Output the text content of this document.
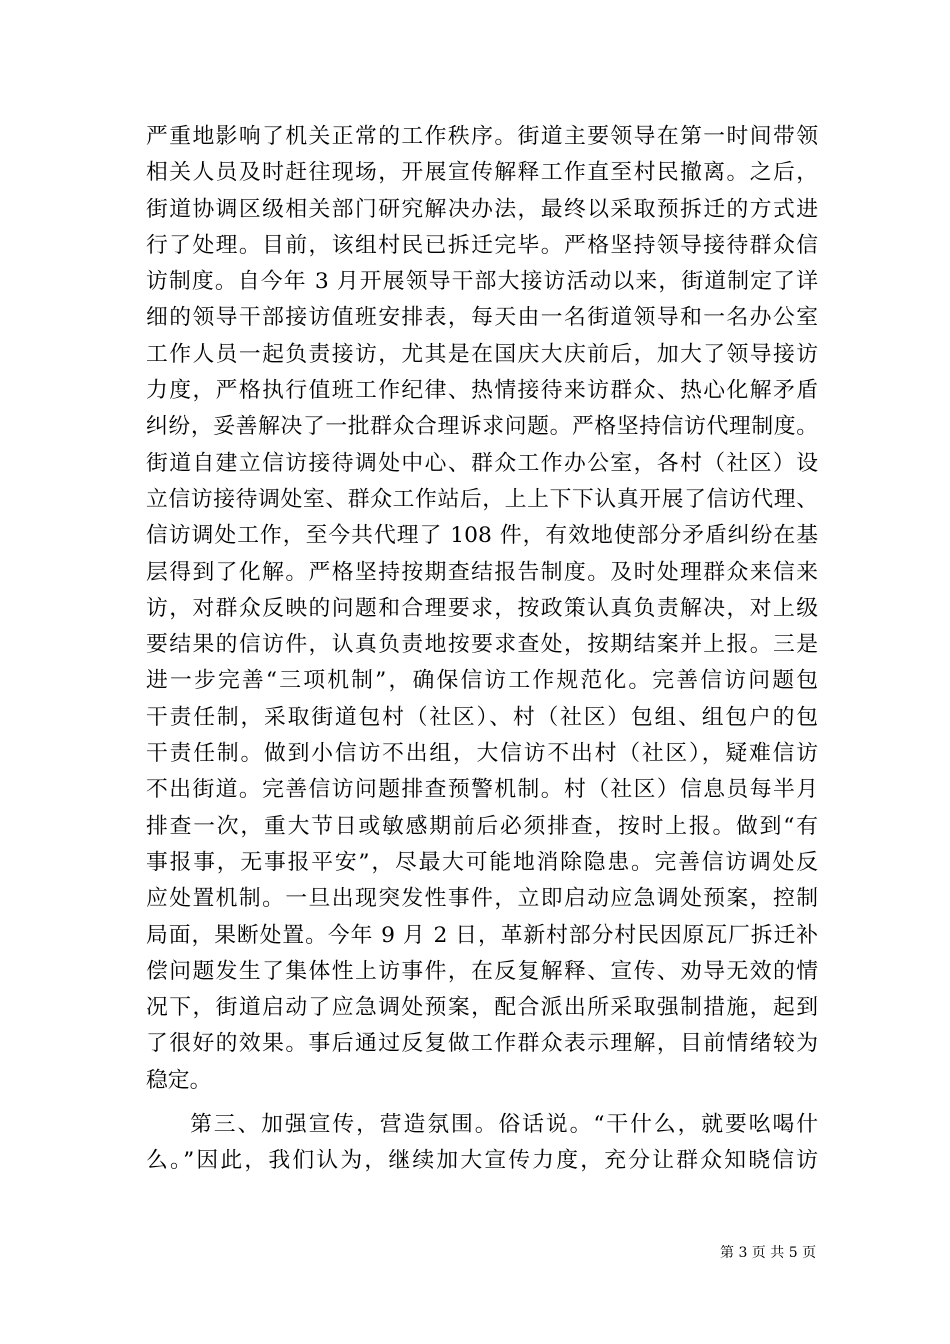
严重地影响了机关正常的工作秩序。街道主要领导在第一时间带领
相关人员及时赶往现场，开展宣传解释工作直至村民撤离。之后，
街道协调区级相关部门研究解决办法，最终以采取预拆迁的方式进
行了处理。目前，该组村民已拆迁完毕。严格坚持领导接待群众信
访制度。自今年 3 月开展领导干部大接访活动以来，街道制定了详
细的领导干部接访值班安排表，每天由一名街道领导和一名办公室
工作人员一起负责接访，尤其是在国庆大庆前后，加大了领导接访
力度，严格执行值班工作纪律、热情接待来访群众、热心化解矛盾
纠纷，妥善解决了一批群众合理诉求问题。严格坚持信访代理制度。
街道自建立信访接待调处中心、群众工作办公室，各村（社区）设
立信访接待调处室、群众工作站后，上上下下认真开展了信访代理、
信访调处工作，至今共代理了 108 件，有效地使部分矛盾纠纷在基
层得到了化解。严格坚持按期查结报告制度。及时处理群众来信来
访，对群众反映的问题和合理要求，按政策认真负责解决，对上级
要结果的信访件，认真负责地按要求查处，按期结案并上报。三是
进一步完善“三项机制”，确保信访工作规范化。完善信访问题包
干责任制，采取街道包村（社区）、村（社区）包组、组包户的包
干责任制。做到小信访不出组，大信访不出村（社区），疑难信访
不出街道。完善信访问题排查预警机制。村（社区）信息员每半月
排查一次，重大节日或敏感期前后必须排查，按时上报。做到“有
事报事，无事报平安”，尽最大可能地消除隐患。完善信访调处反
应处置机制。一旦出现突发性事件，立即启动应急调处预案，控制
局面，果断处置。今年 9 月 2 日，革新村部分村民因原瓦厂拆迁补
偿问题发生了集体性上访事件，在反复解释、宣传、劝导无效的情
况下，街道启动了应急调处预案，配合派出所采取强制措施，起到
了很好的效果。事后通过反复做工作群众表示理解，目前情绪较为
稳定。
第三、加强宣传，营造氛围。俗话说。“干什么，就要吆喝什
么。”因此，我们认为，继续加大宣传力度，充分让群众知晓信访
第 3 页 共 5 页
